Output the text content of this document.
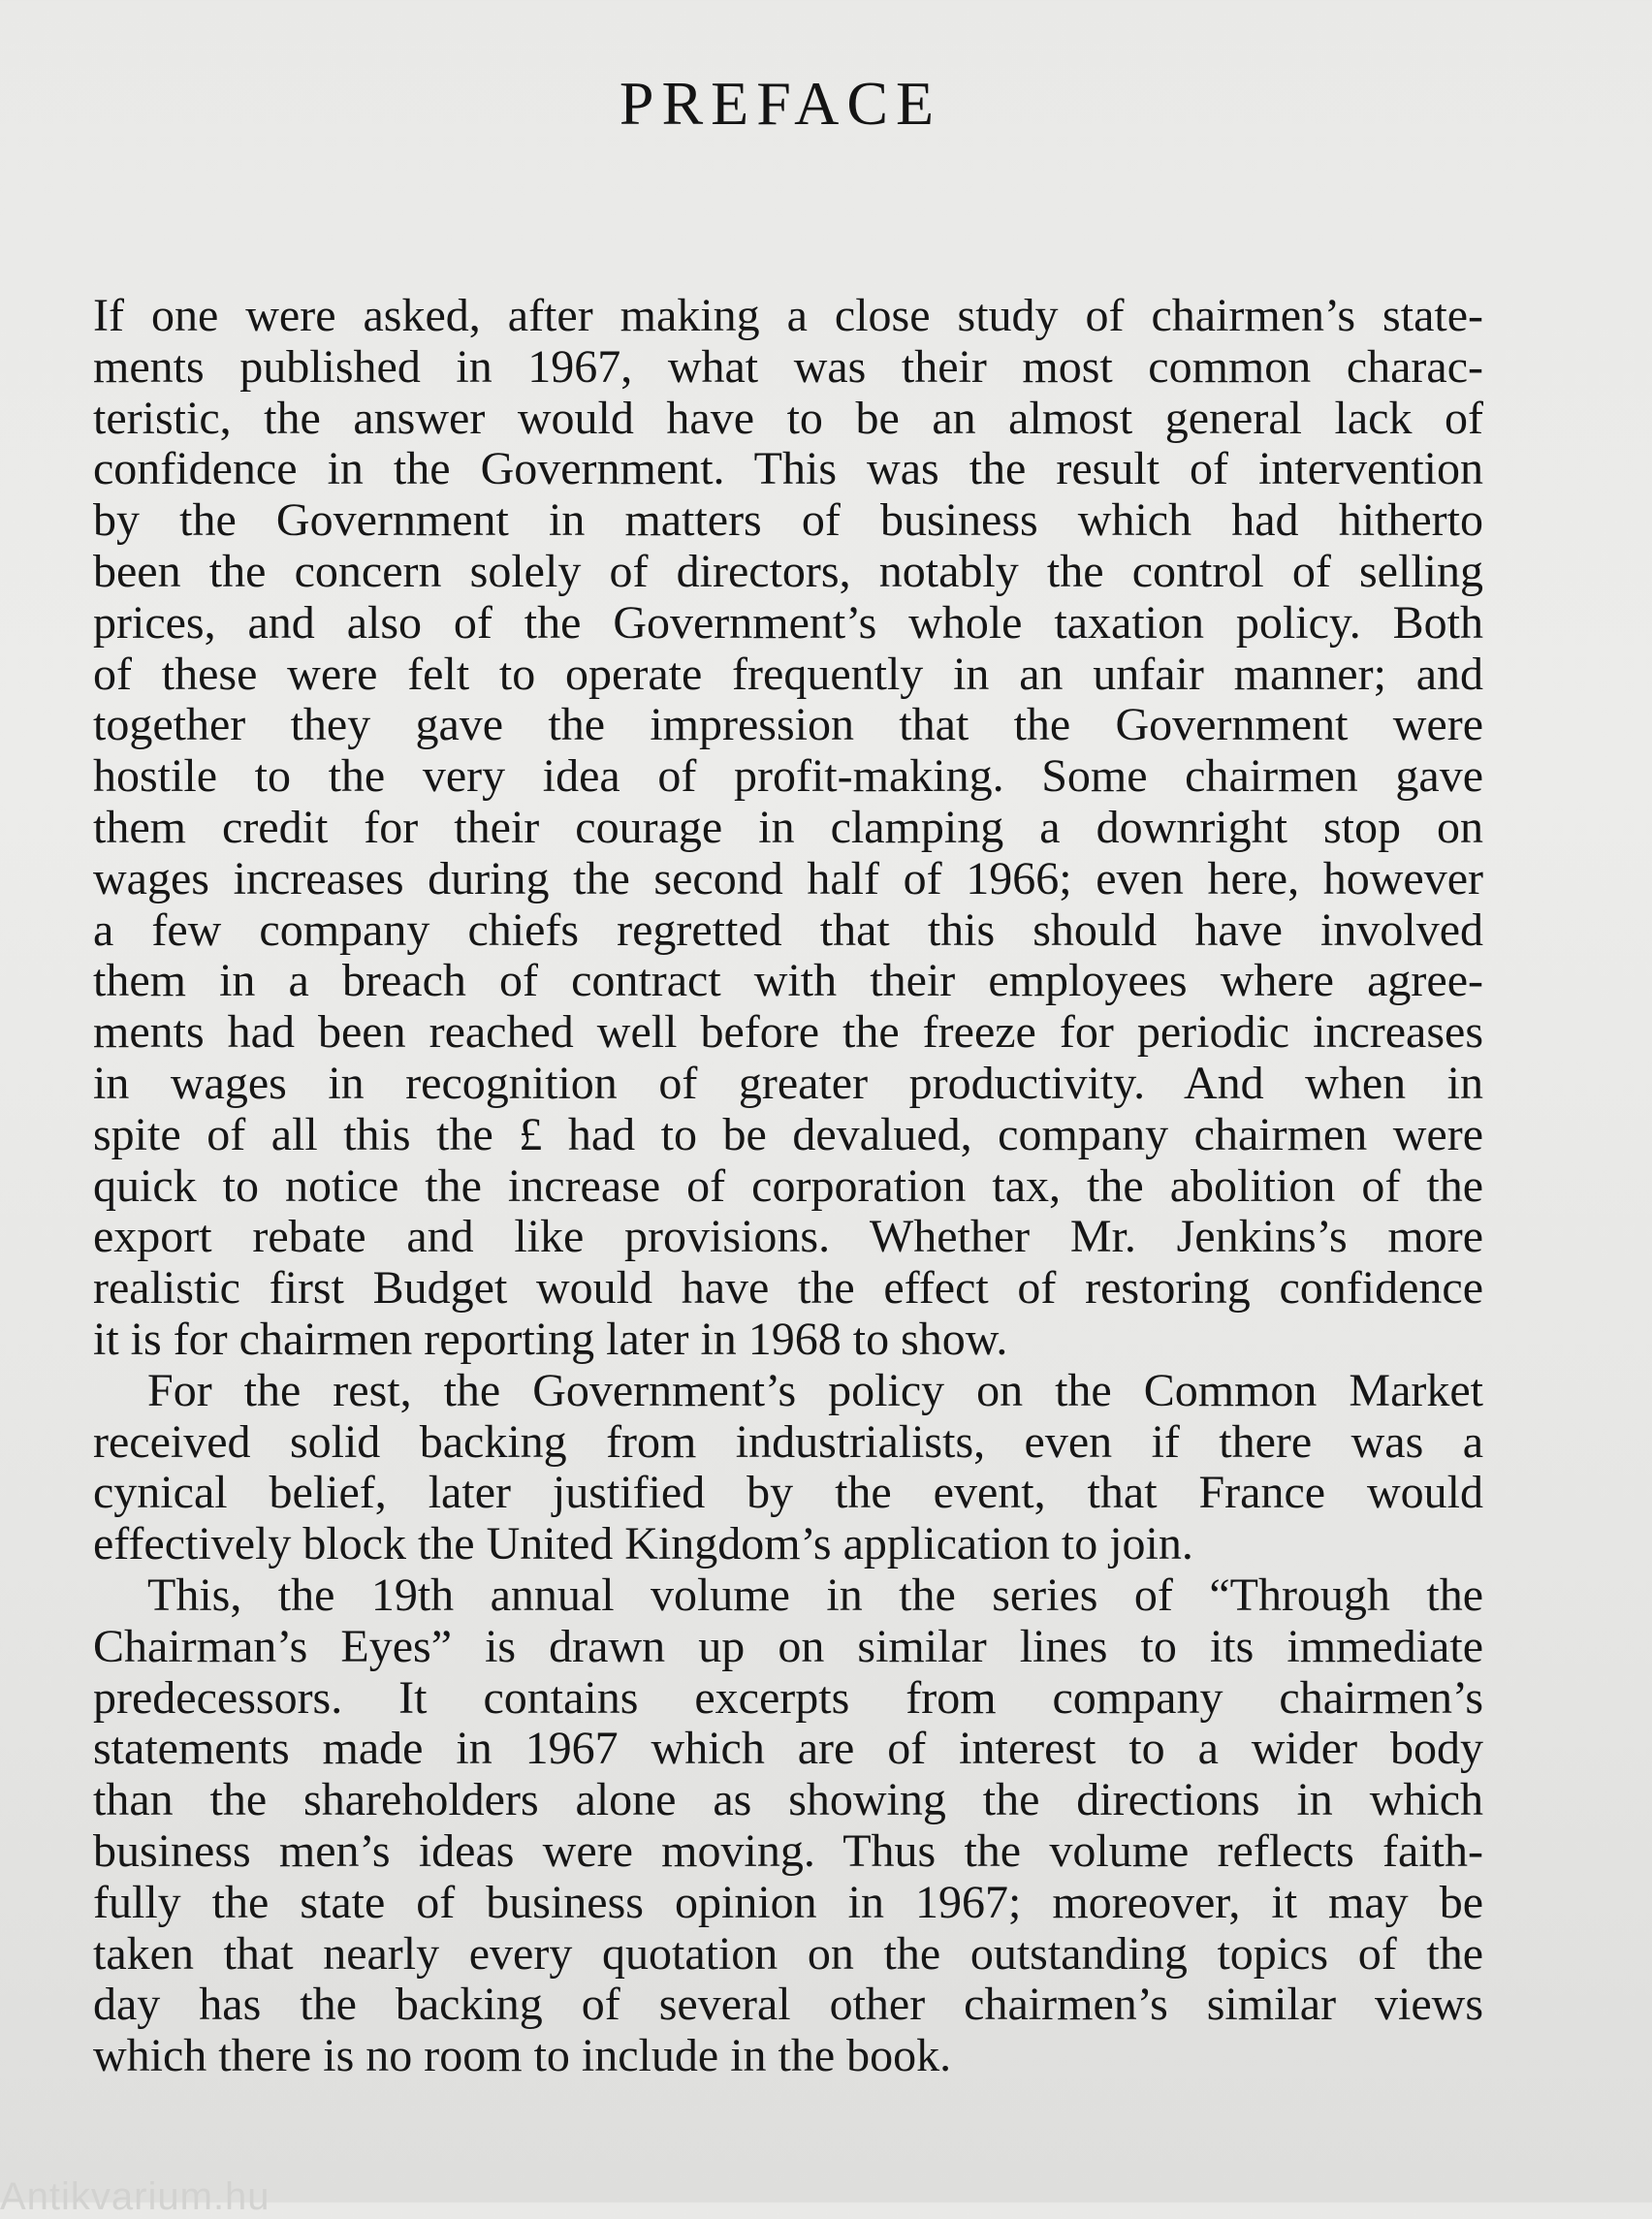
PREFACE
If one were asked, after making a close study of chairmen’s state-
ments published in 1967, what was their most common charac-
teristic, the answer would have to be an almost general lack of
confidence in the Government. This was the result of intervention
by the Government in matters of business which had hitherto
been the concern solely of directors, notably the control of selling
prices, and also of the Government’s whole taxation policy. Both
of these were felt to operate frequently in an unfair manner; and
together they gave the impression that the Government were
hostile to the very idea of profit-making. Some chairmen gave
them credit for their courage in clamping a downright stop on
wages increases during the second half of 1966; even here, however
a few company chiefs regretted that this should have involved
them in a breach of contract with their employees where agree-
ments had been reached well before the freeze for periodic increases
in wages in recognition of greater productivity. And when in
spite of all this the £ had to be devalued, company chairmen were
quick to notice the increase of corporation tax, the abolition of the
export rebate and like provisions. Whether Mr. Jenkins’s more
realistic first Budget would have the effect of restoring confidence
it is for chairmen reporting later in 1968 to show.
For the rest, the Government’s policy on the Common Market
received solid backing from industrialists, even if there was a
cynical belief, later justified by the event, that France would
effectively block the United Kingdom’s application to join.
This, the 19th annual volume in the series of “Through the
Chairman’s Eyes” is drawn up on similar lines to its immediate
predecessors. It contains excerpts from company chairmen’s
statements made in 1967 which are of interest to a wider body
than the shareholders alone as showing the directions in which
business men’s ideas were moving. Thus the volume reflects faith-
fully the state of business opinion in 1967; moreover, it may be
taken that nearly every quotation on the outstanding topics of the
day has the backing of several other chairmen’s similar views
which there is no room to include in the book.
Antikvarium.hu
